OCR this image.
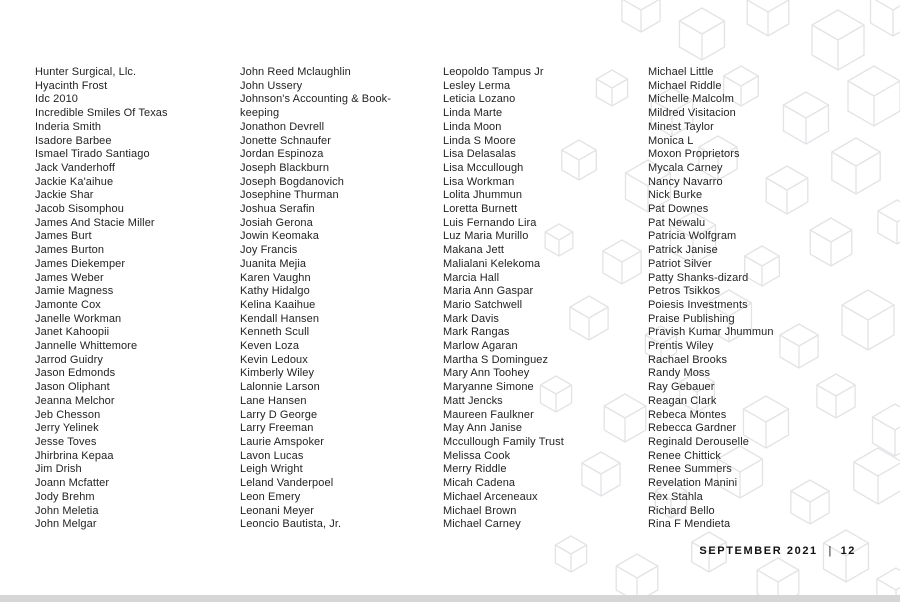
Hunter Surgical, Llc.
Hyacinth Frost
Idc 2010
Incredible Smiles Of Texas
Inderia Smith
Isadore Barbee
Ismael Tirado Santiago
Jack Vanderhoff
Jackie Ka'aihue
Jackie Shar
Jacob Sisomphou
James And Stacie Miller
James Burt
James Burton
James Diekemper
James Weber
Jamie Magness
Jamonte Cox
Janelle Workman
Janet Kahoopii
Jannelle Whittemore
Jarrod Guidry
Jason Edmonds
Jason Oliphant
Jeanna Melchor
Jeb Chesson
Jerry Yelinek
Jesse Toves
Jhirbrina Kepaa
Jim Drish
Joann Mcfatter
Jody Brehm
John Meletia
John Melgar
John Reed Mclaughlin
John Ussery
Johnson's Accounting & Book-keeping
Jonathon Devrell
Jonette Schnaufer
Jordan Espinoza
Joseph Blackburn
Joseph Bogdanovich
Josephine Thurman
Joshua Serafin
Josiah Gerona
Jowin Keomaka
Joy Francis
Juanita Mejia
Karen Vaughn
Kathy Hidalgo
Kelina Kaaihue
Kendall Hansen
Kenneth Scull
Keven Loza
Kevin Ledoux
Kimberly Wiley
Lalonnie Larson
Lane Hansen
Larry D George
Larry Freeman
Laurie Amspoker
Lavon Lucas
Leigh Wright
Leland Vanderpoel
Leon Emery
Leonani Meyer
Leoncio Bautista, Jr.
Leopoldo Tampus Jr
Lesley Lerma
Leticia Lozano
Linda Marte
Linda Moon
Linda S Moore
Lisa Delasalas
Lisa Mccullough
Lisa Workman
Lolita Jhummun
Loretta Burnett
Luis Fernando Lira
Luz Maria Murillo
Makana Jett
Malialani Kelekoma
Marcia Hall
Maria Ann Gaspar
Mario Satchwell
Mark Davis
Mark Rangas
Marlow Agaran
Martha S Dominguez
Mary Ann Toohey
Maryanne Simone
Matt Jencks
Maureen Faulkner
May Ann Janise
Mccullough Family Trust
Melissa Cook
Merry Riddle
Micah Cadena
Michael Arceneaux
Michael Brown
Michael Carney
Michael Little
Michael Riddle
Michelle Malcolm
Mildred Visitacion
Minest Taylor
Monica L
Moxon Proprietors
Mycala Carney
Nancy Navarro
Nick Burke
Pat Downes
Pat Newalu
Patricia Wolfgram
Patrick Janise
Patriot Silver
Patty Shanks-dizard
Petros Tsikkos
Poiesis Investments
Praise Publishing
Pravish Kumar Jhummun
Prentis Wiley
Rachael Brooks
Randy Moss
Ray Gebauer
Reagan Clark
Rebeca Montes
Rebecca Gardner
Reginald Derouselle
Renee Chittick
Renee Summers
Revelation Manini
Rex Stahla
Richard Bello
Rina F Mendieta
SEPTEMBER 2021 | 12
